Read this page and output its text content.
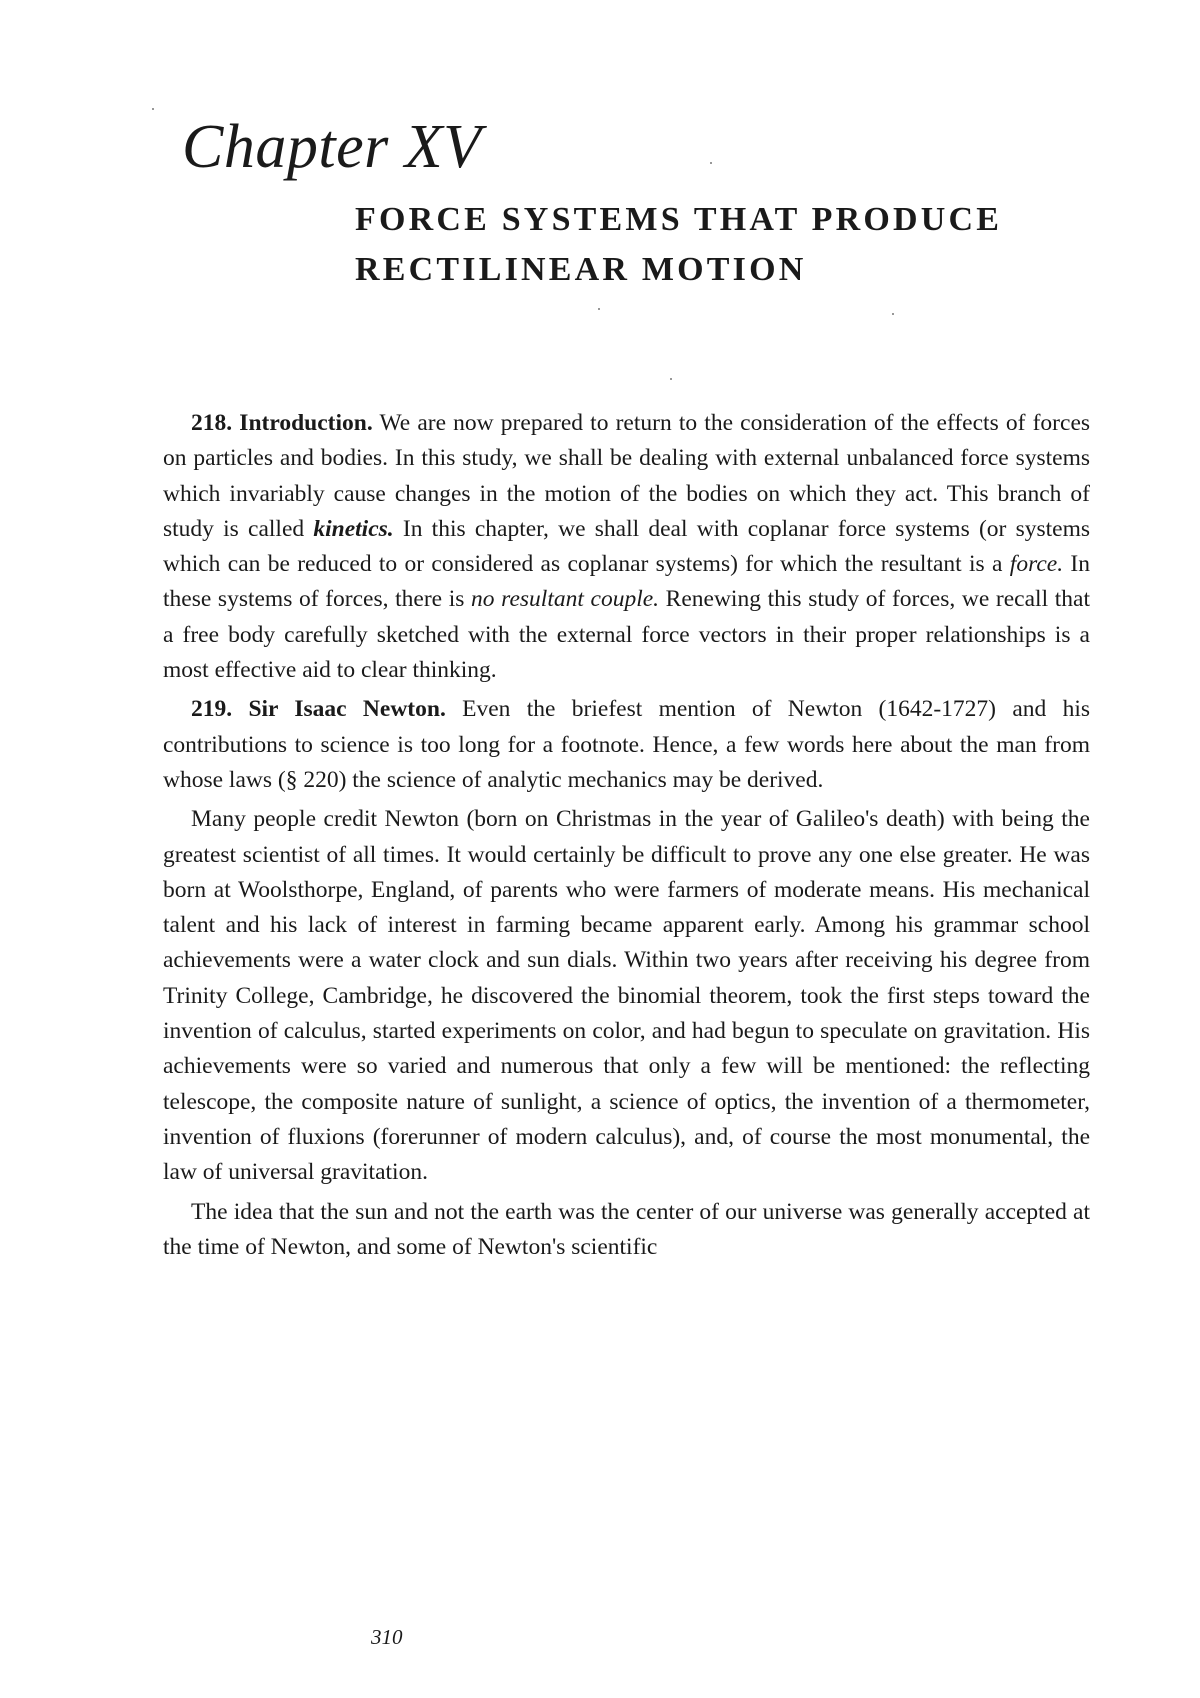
Chapter XV
FORCE SYSTEMS THAT PRODUCE
RECTILINEAR MOTION

218. Introduction. We are now prepared to return to the consideration of the effects of forces on particles and bodies. In this study, we shall be dealing with external unbalanced force systems which invariably cause changes in the motion of the bodies on which they act. This branch of study is called kinetics. In this chapter, we shall deal with coplanar force systems (or systems which can be reduced to or considered as coplanar systems) for which the resultant is a force. In these systems of forces, there is no resultant couple. Renewing this study of forces, we recall that a free body carefully sketched with the external force vectors in their proper relationships is a most effective aid to clear thinking.

219. Sir Isaac Newton. Even the briefest mention of Newton (1642-1727) and his contributions to science is too long for a footnote. Hence, a few words here about the man from whose laws (§ 220) the science of analytic mechanics may be derived.

Many people credit Newton (born on Christmas in the year of Galileo's death) with being the greatest scientist of all times. It would certainly be difficult to prove any one else greater. He was born at Woolsthorpe, England, of parents who were farmers of moderate means. His mechanical talent and his lack of interest in farming became apparent early. Among his grammar school achievements were a water clock and sun dials. Within two years after receiving his degree from Trinity College, Cambridge, he discovered the binomial theorem, took the first steps toward the invention of calculus, started experiments on color, and had begun to speculate on gravitation. His achievements were so varied and numerous that only a few will be mentioned: the reflecting telescope, the composite nature of sunlight, a science of optics, the invention of a thermometer, invention of fluxions (forerunner of modern calculus), and, of course the most monumental, the law of universal gravitation.

The idea that the sun and not the earth was the center of our universe was generally accepted at the time of Newton, and some of Newton's scientific

310
